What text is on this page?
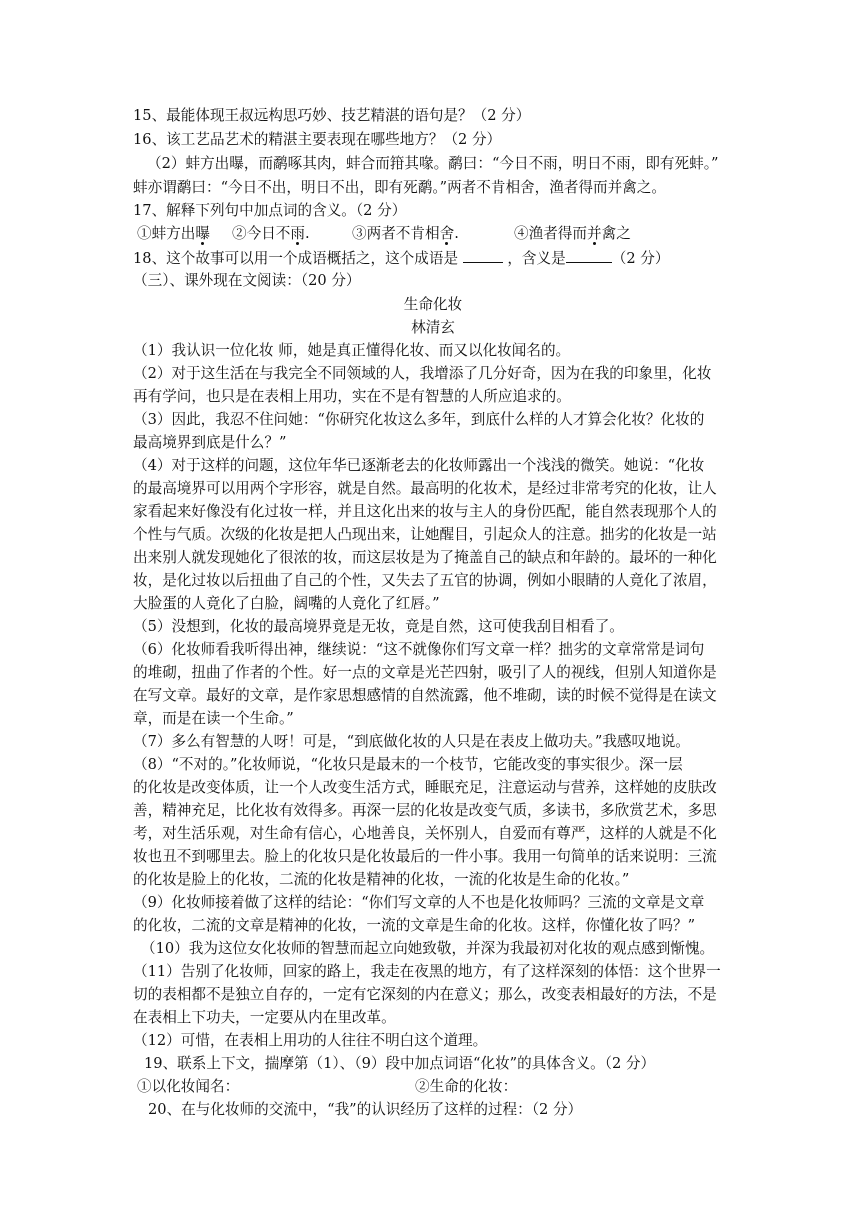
15、最能体现王叔远构思巧妙、技艺精湛的语句是？（2 分）
16、该工艺品艺术的精湛主要表现在哪些地方？（2 分）
（2）蚌方出曝，而鹬啄其肉，蚌合而箝其喙。鹬曰：“今日不雨，明日不雨，即有死蚌。”
蚌亦谓鹬曰：“今日不出，明日不出，即有死鹬。”两者不肯相舍，渔者得而并禽之。
17、解释下列句中加点词的含义。（2 分）
①蚌方出曝 ②今日不雨.	③两者不肯相舍.	④渔者得而并禽之
18、这个故事可以用一个成语概括之，这个成语是	，含义是	（2 分）
（三）、课外现在文阅读：（20 分）
生命化妆
林清玄
（1）我认识一位化妆 师，她是真正懂得化妆、而又以化妆闻名的。
（2）对于这生活在与我完全不同领域的人，我增添了几分好奇，因为在我的印象里，化妆
再有学问，也只是在表相上用功，实在不是有智慧的人所应追求的。
（3）因此，我忍不住问她：“你研究化妆这么多年，到底什么样的人才算会化妆？化妆的
最高境界到底是什么？”
（4）对于这样的问题，这位年华已逐渐老去的化妆师露出一个浅浅的微笑。她说：“化妆
的最高境界可以用两个字形容，就是自然。最高明的化妆术，是经过非常考究的化妆，让人
家看起来好像没有化过妆一样，并且这化出来的妆与主人的身份匹配，能自然表现那个人的
个性与气质。次级的化妆是把人凸现出来，让她醒目，引起众人的注意。拙劣的化妆是一站
出来别人就发现她化了很浓的妆，而这层妆是为了掩盖自己的缺点和年龄的。最坏的一种化
妆，是化过妆以后扭曲了自己的个性，又失去了五官的协调，例如小眼睛的人竟化了浓眉，
大脸蛋的人竟化了白脸，阔嘴的人竟化了红唇。”
（5）没想到，化妆的最高境界竟是无妆，竟是自然，这可使我刮目相看了。
（6）化妆师看我听得出神，继续说：“这不就像你们写文章一样？拙劣的文章常常是词句
的堆砌，扭曲了作者的个性。好一点的文章是光芒四射，吸引了人的视线，但别人知道你是
在写文章。最好的文章，是作家思想感情的自然流露，他不堆砌，读的时候不觉得是在读文
章，而是在读一个生命。”
（7）多么有智慧的人呀！可是，“到底做化妆的人只是在表皮上做功夫。”我感叹地说。
（8）“不对的。”化妆师说，“化妆只是最末的一个枝节，它能改变的事实很少。深一层
的化妆是改变体质，让一个人改变生活方式，睡眠充足，注意运动与营养，这样她的皮肤改
善，精神充足，比化妆有效得多。再深一层的化妆是改变气质，多读书，多欣赏艺术，多思
考，对生活乐观，对生命有信心，心地善良，关怀别人，自爱而有尊严，这样的人就是不化
妆也丑不到哪里去。脸上的化妆只是化妆最后的一件小事。我用一句简单的话来说明：三流
的化妆是脸上的化妆，二流的化妆是精神的化妆，一流的化妆是生命的化妆。”
（9）化妆师接着做了这样的结论：“你们写文章的人不也是化妆师吗？三流的文章是文章
的化妆，二流的文章是精神的化妆，一流的文章是生命的化妆。这样，你懂化妆了吗？”
（10）我为这位女化妆师的智慧而起立向她致敬，并深为我最初对化妆的观点感到惭愧。
（11）告别了化妆师，回家的路上，我走在夜黑的地方，有了这样深刻的体悟：这个世界一
切的表相都不是独立自存的，一定有它深刻的内在意义；那么，改变表相最好的方法，不是
在表相上下功夫，一定要从内在里改革。
（12）可惜，在表相上用功的人往往不明白这个道理。
19、联系上下文，揣摩第（1）、（9）段中加点词语“化妆”的具体含义。（2 分）
①以化妆闻名：	②生命的化妆：
20、在与化妆师的交流中，“我”的认识经历了这样的过程：（2 分）
